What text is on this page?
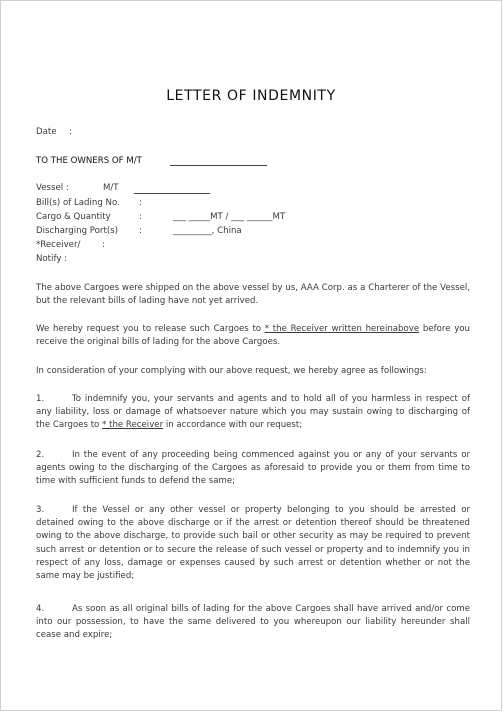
LETTER OF INDEMNITY
Date :
TO THE OWNERS OF M/T
Vessel :	M/T
Bill(s) of Lading No. :
Cargo & Quantity	:	___ _____MT / ___ ______MT
Discharging Port(s) :	_________, China
*Receiver/	:
Notify :
The above Cargoes were shipped on the above vessel by us, AAA Corp. as a Charterer of the Vessel, but the relevant bills of lading have not yet arrived.
We hereby request you to release such Cargoes to * the Receiver written hereinabove before you receive the original bills of lading for the above Cargoes.
In consideration of your complying with our above request, we hereby agree as followings:
1.	To indemnify you, your servants and agents and to hold all of you harmless in respect of any liability, loss or damage of whatsoever nature which you may sustain owing to discharging of the Cargoes to * the Receiver in accordance with our request;
2.	In the event of any proceeding being commenced against you or any of your servants or agents owing to the discharging of the Cargoes as aforesaid to provide you or them from time to time with sufficient funds to defend the same;
3.	If the Vessel or any other vessel or property belonging to you should be arrested or detained owing to the above discharge or if the arrest or detention thereof should be threatened owing to the above discharge, to provide such bail or other security as may be required to prevent such arrest or detention or to secure the release of such vessel or property and to indemnify you in respect of any loss, damage or expenses caused by such arrest or detention whether or not the same may be justified;
4.	As soon as all original bills of lading for the above Cargoes shall have arrived and/or come into our possession, to have the same delivered to you whereupon our liability hereunder shall cease and expire;
